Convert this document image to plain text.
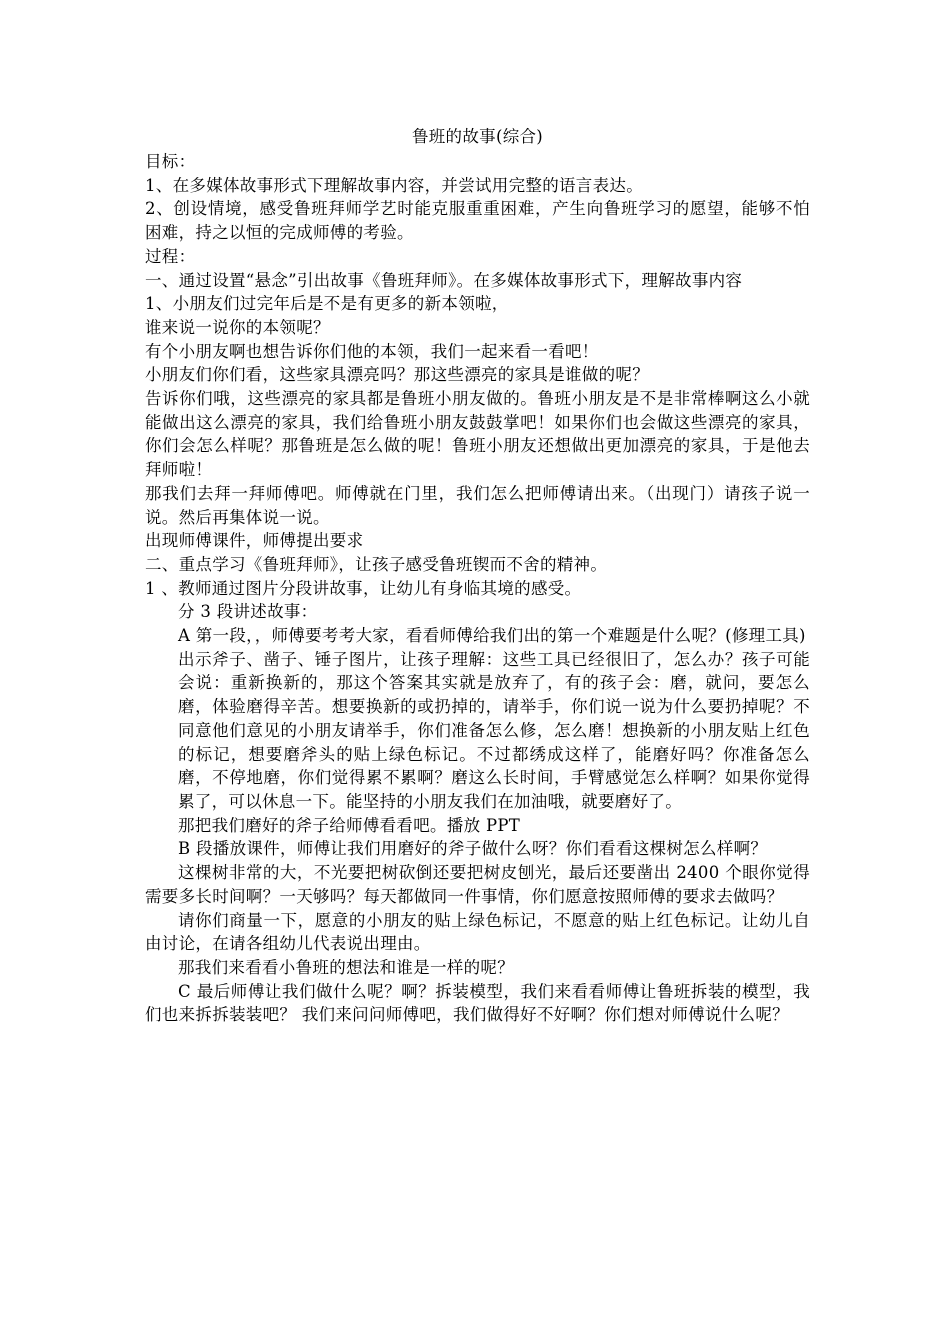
鲁班的故事(综合)

目标：

1、在多媒体故事形式下理解故事内容，并尝试用完整的语言表达。

2、创设情境，感受鲁班拜师学艺时能克服重重困难，产生向鲁班学习的愿望，能够不怕困难，持之以恒的完成师傅的考验。

过程：

一、通过设置“悬念”引出故事《鲁班拜师》。在多媒体故事形式下，理解故事内容

1、小朋友们过完年后是不是有更多的新本领啦，

谁来说一说你的本领呢？

有个小朋友啊也想告诉你们他的本领，我们一起来看一看吧！

小朋友们你们看，这些家具漂亮吗？那这些漂亮的家具是谁做的呢？

告诉你们哦，这些漂亮的家具都是鲁班小朋友做的。鲁班小朋友是不是非常棒啊这么小就能做出这么漂亮的家具，我们给鲁班小朋友鼓鼓掌吧！如果你们也会做这些漂亮的家具，你们会怎么样呢？那鲁班是怎么做的呢！鲁班小朋友还想做出更加漂亮的家具，于是他去拜师啦！

那我们去拜一拜师傅吧。师傅就在门里，我们怎么把师傅请出来。（出现门）请孩子说一说。然后再集体说一说。

出现师傅课件，师傅提出要求

二、重点学习《鲁班拜师》，让孩子感受鲁班锲而不舍的精神。

1 、教师通过图片分段讲故事，让幼儿有身临其境的感受。

分 3 段讲述故事：

A 第一段，，师傅要考考大家，看看师傅给我们出的第一个难题是什么呢？(修理工具)

出示斧子、凿子、锤子图片，让孩子理解：这些工具已经很旧了，怎么办？孩子可能会说：重新换新的，那这个答案其实就是放弃了，有的孩子会：磨，就问，要怎么磨，体验磨得辛苦。想要换新的或扔掉的，请举手，你们说一说为什么要扔掉呢？不同意他们意见的小朋友请举手，你们准备怎么修，怎么磨！想换新的小朋友贴上红色的标记，想要磨斧头的贴上绿色标记。不过都绣成这样了，能磨好吗？你准备怎么磨，不停地磨，你们觉得累不累啊？磨这么长时间，手臂感觉怎么样啊？如果你觉得累了，可以休息一下。能坚持的小朋友我们在加油哦，就要磨好了。

那把我们磨好的斧子给师傅看看吧。播放 PPT

B 段播放课件，师傅让我们用磨好的斧子做什么呀？你们看看这棵树怎么样啊？

这棵树非常的大，不光要把树砍倒还要把树皮刨光，最后还要凿出 2400 个眼你觉得需要多长时间啊？一天够吗？每天都做同一件事情，你们愿意按照师傅的要求去做吗？

请你们商量一下，愿意的小朋友的贴上绿色标记，不愿意的贴上红色标记。让幼儿自由讨论，在请各组幼儿代表说出理由。

那我们来看看小鲁班的想法和谁是一样的呢？

C 最后师傅让我们做什么呢？啊？拆装模型，我们来看看师傅让鲁班拆装的模型，我们也来拆拆装装吧？ 我们来问问师傅吧，我们做得好不好啊？你们想对师傅说什么呢？
